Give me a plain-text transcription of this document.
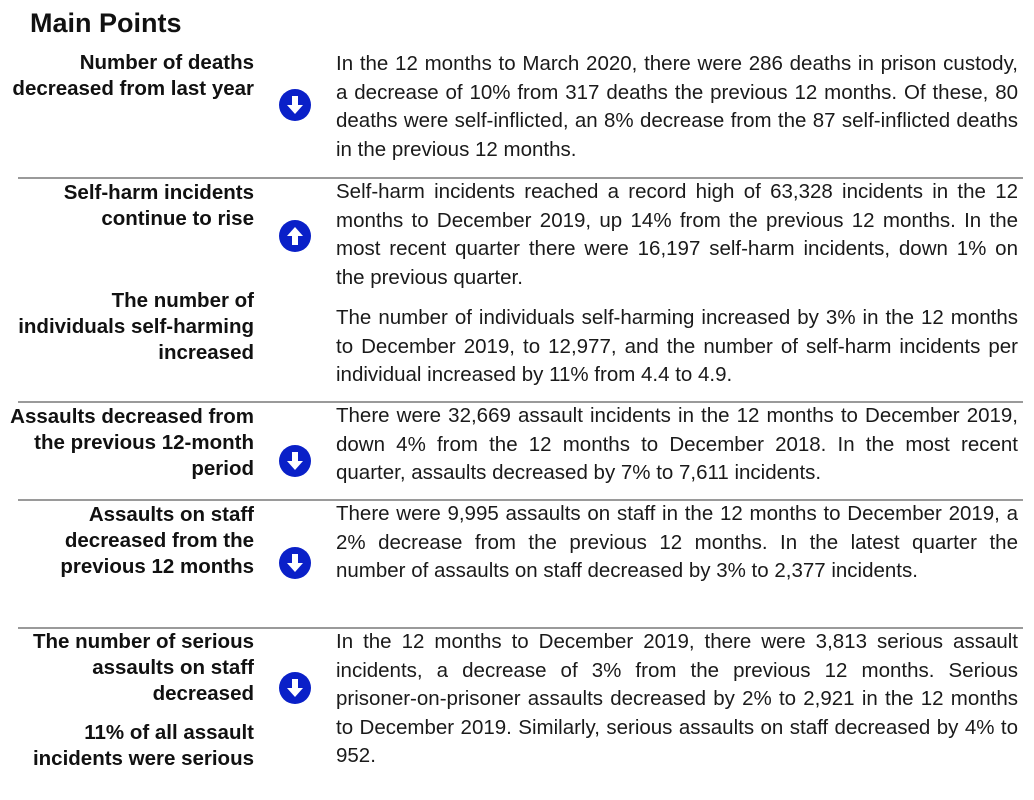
Main Points
Number of deaths decreased from last year
In the 12 months to March 2020, there were 286 deaths in prison custody, a decrease of 10% from 317 deaths the previous 12 months. Of these, 80 deaths were self-inflicted, an 8% decrease from the 87 self-inflicted deaths in the previous 12 months.
Self-harm incidents continue to rise
Self-harm incidents reached a record high of 63,328 incidents in the 12 months to December 2019, up 14% from the previous 12 months. In the most recent quarter there were 16,197 self-harm incidents, down 1% on the previous quarter.
The number of individuals self-harming increased
The number of individuals self-harming increased by 3% in the 12 months to December 2019, to 12,977, and the number of self-harm incidents per individual increased by 11% from 4.4 to 4.9.
Assaults decreased from the previous 12-month period
There were 32,669 assault incidents in the 12 months to December 2019, down 4% from the 12 months to December 2018. In the most recent quarter, assaults decreased by 7% to 7,611 incidents.
Assaults on staff decreased from the previous 12 months
There were 9,995 assaults on staff in the 12 months to December 2019, a 2% decrease from the previous 12 months. In the latest quarter the number of assaults on staff decreased by 3% to 2,377 incidents.
The number of serious assaults on staff decreased
In the 12 months to December 2019, there were 3,813 serious assault incidents, a decrease of 3% from the previous 12 months. Serious prisoner-on-prisoner assaults decreased by 2% to 2,921 in the 12 months to December 2019. Similarly, serious assaults on staff decreased by 4% to 952.
11% of all assault incidents were serious
